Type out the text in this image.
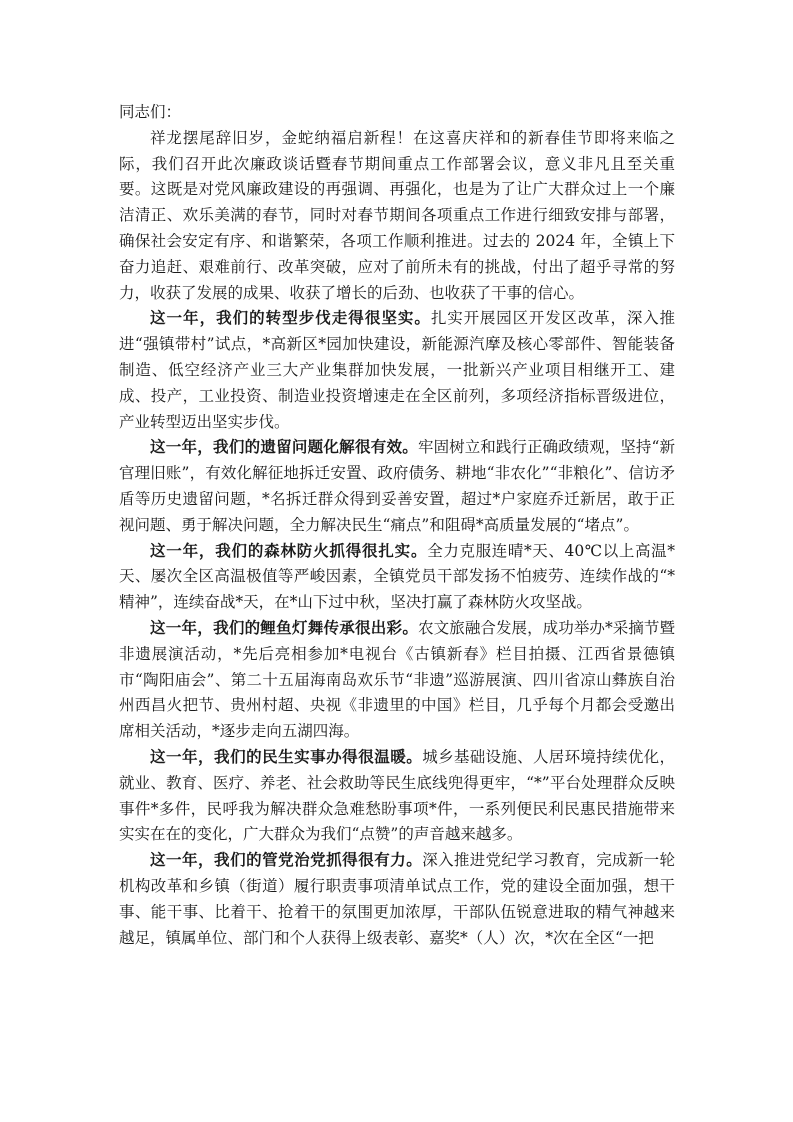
同志们：

祥龙摆尾辞旧岁，金蛇纳福启新程！在这喜庆祥和的新春佳节即将来临之际，我们召开此次廉政谈话暨春节期间重点工作部署会议，意义非凡且至关重要。这既是对党风廉政建设的再强调、再强化，也是为了让广大群众过上一个廉洁清正、欢乐美满的春节，同时对春节期间各项重点工作进行细致安排与部署，确保社会安定有序、和谐繁荣，各项工作顺利推进。过去的 2024 年，全镇上下奋力追赶、艰难前行、改革突破，应对了前所未有的挑战，付出了超乎寻常的努力，收获了发展的成果、收获了增长的后劲、也收获了干事的信心。

这一年，我们的转型步伐走得很坚实。扎实开展园区开发区改革，深入推进“强镇带村”试点，*高新区*园加快建设，新能源汽摩及核心零部件、智能装备制造、低空经济产业三大产业集群加快发展，一批新兴产业项目相继开工、建成、投产，工业投资、制造业投资增速走在全区前列，多项经济指标晋级进位，产业转型迈出坚实步伐。

这一年，我们的遗留问题化解很有效。牢固树立和践行正确政绩观，坚持“新官理旧账”，有效化解征地拆迁安置、政府债务、耕地“非农化”“非粮化”、信访矛盾等历史遗留问题，*名拆迁群众得到妥善安置，超过*户家庭乔迁新居，敢于正视问题、勇于解决问题，全力解决民生“痛点”和阻碍*高质量发展的“堵点”。

这一年，我们的森林防火抓得很扎实。全力克服连晴*天、40℃以上高温*天、屡次全区高温极值等严峻因素，全镇党员干部发扬不怕疲劳、连续作战的“*精神”，连续奋战*天，在*山下过中秋，坚决打赢了森林防火攻坚战。

这一年，我们的鲤鱼灯舞传承很出彩。农文旅融合发展，成功举办*采摘节暨非遗展演活动，*先后亮相参加*电视台《古镇新春》栏目拍摄、江西省景德镇市“陶阳庙会”、第二十五届海南岛欢乐节“非遗”巡游展演、四川省凉山彝族自治州西昌火把节、贵州村超、央视《非遗里的中国》栏目，几乎每个月都会受邀出席相关活动，*逐步走向五湖四海。

这一年，我们的民生实事办得很温暖。城乡基础设施、人居环境持续优化，就业、教育、医疗、养老、社会救助等民生底线兜得更牢，“*”平台处理群众反映事件*多件，民呼我为解决群众急难愁盼事项*件，一系列便民利民惠民措施带来实实在在的变化，广大群众为我们“点赞”的声音越来越多。

这一年，我们的管党治党抓得很有力。深入推进党纪学习教育，完成新一轮机构改革和乡镇（街道）履行职责事项清单试点工作，党的建设全面加强，想干事、能干事、比着干、抢着干的氛围更加浓厚，干部队伍锐意进取的精气神越来越足，镇属单位、部门和个人获得上级表彰、嘉奖*（人）次，*次在全区“一把
